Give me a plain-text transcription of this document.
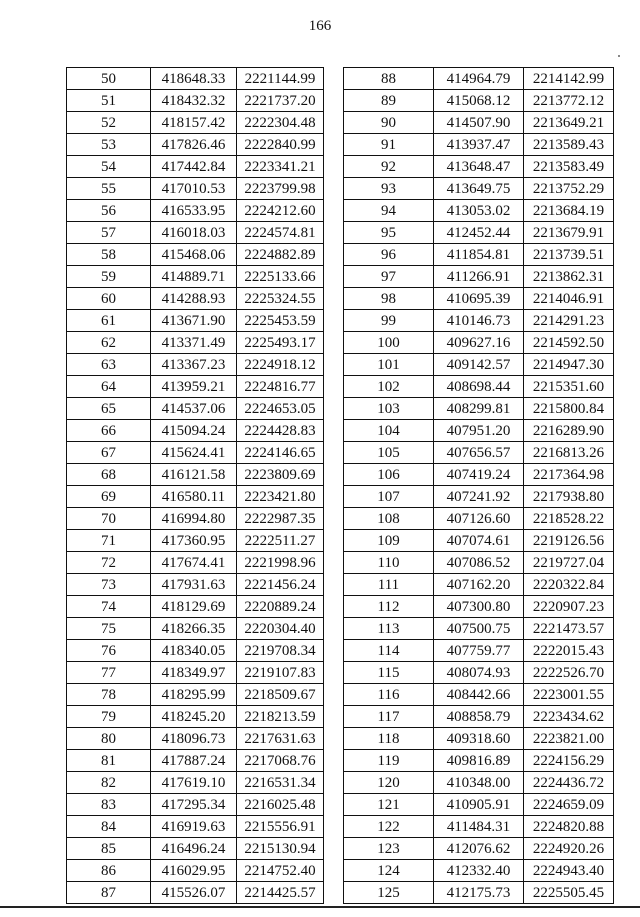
166
50	418648.33	2221144.99
51	418432.32	2221737.20
52	418157.42	2222304.48
53	417826.46	2222840.99
54	417442.84	2223341.21
55	417010.53	2223799.98
56	416533.95	2224212.60
57	416018.03	2224574.81
58	415468.06	2224882.89
59	414889.71	2225133.66
60	414288.93	2225324.55
61	413671.90	2225453.59
62	413371.49	2225493.17
63	413367.23	2224918.12
64	413959.21	2224816.77
65	414537.06	2224653.05
66	415094.24	2224428.83
67	415624.41	2224146.65
68	416121.58	2223809.69
69	416580.11	2223421.80
70	416994.80	2222987.35
71	417360.95	2222511.27
72	417674.41	2221998.96
73	417931.63	2221456.24
74	418129.69	2220889.24
75	418266.35	2220304.40
76	418340.05	2219708.34
77	418349.97	2219107.83
78	418295.99	2218509.67
79	418245.20	2218213.59
80	418096.73	2217631.63
81	417887.24	2217068.76
82	417619.10	2216531.34
83	417295.34	2216025.48
84	416919.63	2215556.91
85	416496.24	2215130.94
86	416029.95	2214752.40
87	415526.07	2214425.57
88	414964.79	2214142.99
89	415068.12	2213772.12
90	414507.90	2213649.21
91	413937.47	2213589.43
92	413648.47	2213583.49
93	413649.75	2213752.29
94	413053.02	2213684.19
95	412452.44	2213679.91
96	411854.81	2213739.51
97	411266.91	2213862.31
98	410695.39	2214046.91
99	410146.73	2214291.23
100	409627.16	2214592.50
101	409142.57	2214947.30
102	408698.44	2215351.60
103	408299.81	2215800.84
104	407951.20	2216289.90
105	407656.57	2216813.26
106	407419.24	2217364.98
107	407241.92	2217938.80
108	407126.60	2218528.22
109	407074.61	2219126.56
110	407086.52	2219727.04
111	407162.20	2220322.84
112	407300.80	2220907.23
113	407500.75	2221473.57
114	407759.77	2222015.43
115	408074.93	2222526.70
116	408442.66	2223001.55
117	408858.79	2223434.62
118	409318.60	2223821.00
119	409816.89	2224156.29
120	410348.00	2224436.72
121	410905.91	2224659.09
122	411484.31	2224820.88
123	412076.62	2224920.26
124	412332.40	2224943.40
125	412175.73	2225505.45
